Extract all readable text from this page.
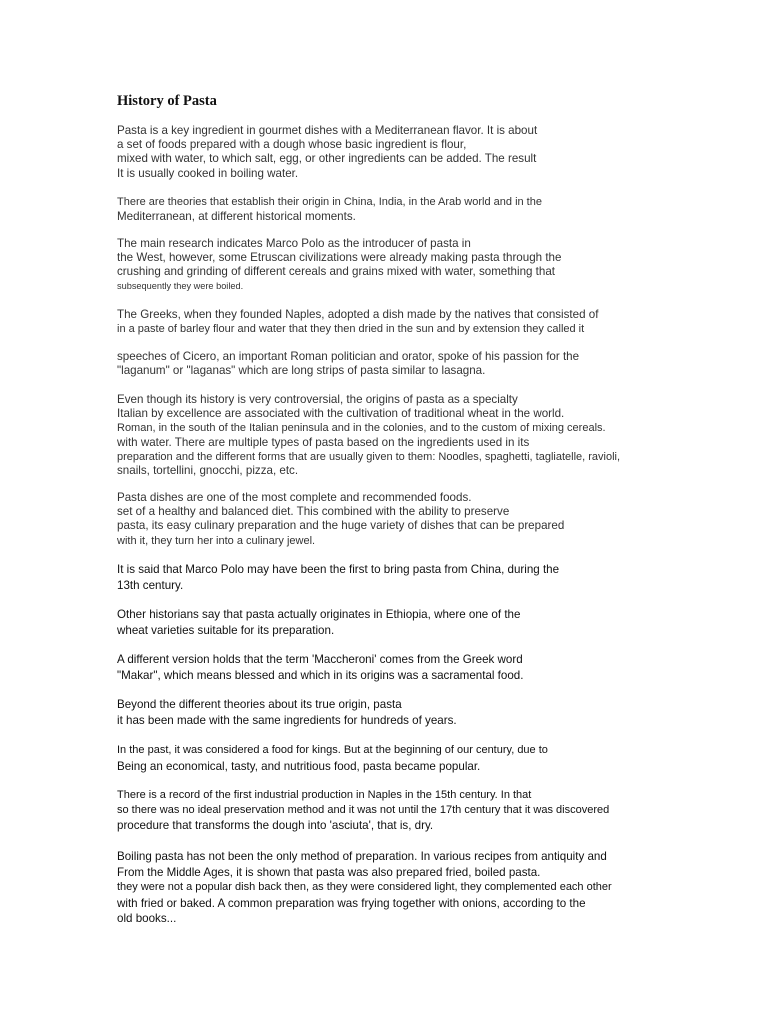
History of Pasta

Pasta is a key ingredient in gourmet dishes with a Mediterranean flavor. It is about
a set of foods prepared with a dough whose basic ingredient is flour,
mixed with water, to which salt, egg, or other ingredients can be added. The result
It is usually cooked in boiling water.

There are theories that establish their origin in China, India, in the Arab world and in the
Mediterranean, at different historical moments.

The main research indicates Marco Polo as the introducer of pasta in
the West, however, some Etruscan civilizations were already making pasta through the
crushing and grinding of different cereals and grains mixed with water, something that
subsequently they were boiled.

The Greeks, when they founded Naples, adopted a dish made by the natives that consisted of
in a paste of barley flour and water that they then dried in the sun and by extension they called it

speeches of Cicero, an important Roman politician and orator, spoke of his passion for the
"laganum" or "laganas" which are long strips of pasta similar to lasagna.

Even though its history is very controversial, the origins of pasta as a specialty
Italian by excellence are associated with the cultivation of traditional wheat in the world.
Roman, in the south of the Italian peninsula and in the colonies, and to the custom of mixing cereals.
with water. There are multiple types of pasta based on the ingredients used in its
preparation and the different forms that are usually given to them: Noodles, spaghetti, tagliatelle, ravioli,
snails, tortellini, gnocchi, pizza, etc.

Pasta dishes are one of the most complete and recommended foods.
set of a healthy and balanced diet. This combined with the ability to preserve
pasta, its easy culinary preparation and the huge variety of dishes that can be prepared
with it, they turn her into a culinary jewel.

It is said that Marco Polo may have been the first to bring pasta from China, during the
13th century.

Other historians say that pasta actually originates in Ethiopia, where one of the
wheat varieties suitable for its preparation.

A different version holds that the term 'Maccheroni' comes from the Greek word
"Makar", which means blessed and which in its origins was a sacramental food.

Beyond the different theories about its true origin, pasta
it has been made with the same ingredients for hundreds of years.

In the past, it was considered a food for kings. But at the beginning of our century, due to
Being an economical, tasty, and nutritious food, pasta became popular.

There is a record of the first industrial production in Naples in the 15th century. In that
so there was no ideal preservation method and it was not until the 17th century that it was discovered
procedure that transforms the dough into 'asciuta', that is, dry.

Boiling pasta has not been the only method of preparation. In various recipes from antiquity and
From the Middle Ages, it is shown that pasta was also prepared fried, boiled pasta.
they were not a popular dish back then, as they were considered light, they complemented each other
with fried or baked. A common preparation was frying together with onions, according to the
old books...
